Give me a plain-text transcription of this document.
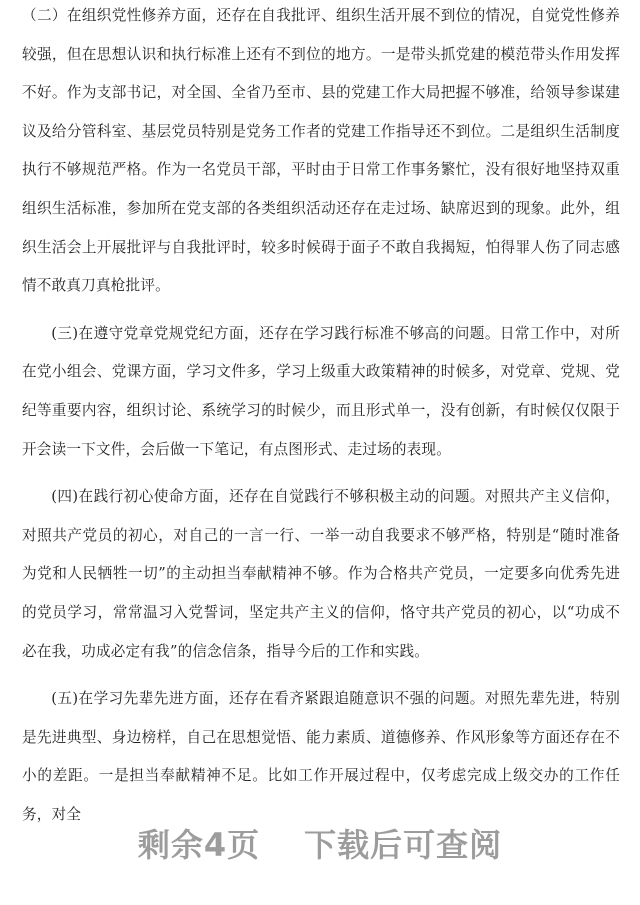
（二）在组织党性修养方面，还存在自我批评、组织生活开展不到位的情况，自觉党性修养较强，但在思想认识和执行标准上还有不到位的地方。一是带头抓党建的模范带头作用发挥不好。作为支部书记，对全国、全省乃至市、县的党建工作大局把握不够准，给领导参谋建议及给分管科室、基层党员特别是党务工作者的党建工作指导还不到位。二是组织生活制度执行不够规范严格。作为一名党员干部，平时由于日常工作事务繁忙，没有很好地坚持双重组织生活标准，参加所在党支部的各类组织活动还存在走过场、缺席迟到的现象。此外，组织生活会上开展批评与自我批评时，较多时候碍于面子不敢自我揭短，怕得罪人伤了同志感情不敢真刀真枪批评。

(三)在遵守党章党规党纪方面，还存在学习践行标准不够高的问题。日常工作中，对所在党小组会、党课方面，学习文件多，学习上级重大政策精神的时候多，对党章、党规、党纪等重要内容，组织讨论、系统学习的时候少，而且形式单一，没有创新，有时候仅仅限于开会读一下文件，会后做一下笔记，有点图形式、走过场的表现。

(四)在践行初心使命方面，还存在自觉践行不够积极主动的问题。对照共产主义信仰，对照共产党员的初心，对自己的一言一行、一举一动自我要求不够严格，特别是“随时准备为党和人民牺牲一切”的主动担当奉献精神不够。作为合格共产党员，一定要多向优秀先进的党员学习，常常温习入党誓词，坚定共产主义的信仰，恪守共产党员的初心，以“功成不必在我，功成必定有我”的信念信条，指导今后的工作和实践。

(五)在学习先辈先进方面，还存在看齐紧跟追随意识不强的问题。对照先辈先进，特别是先进典型、身边榜样，自己在思想觉悟、能力素质、道德修养、作风形象等方面还存在不小的差距。一是担当奉献精神不足。比如工作开展过程中，仅考虑完成上级交办的工作任务，对全

剩余4页 下载后可查阅
